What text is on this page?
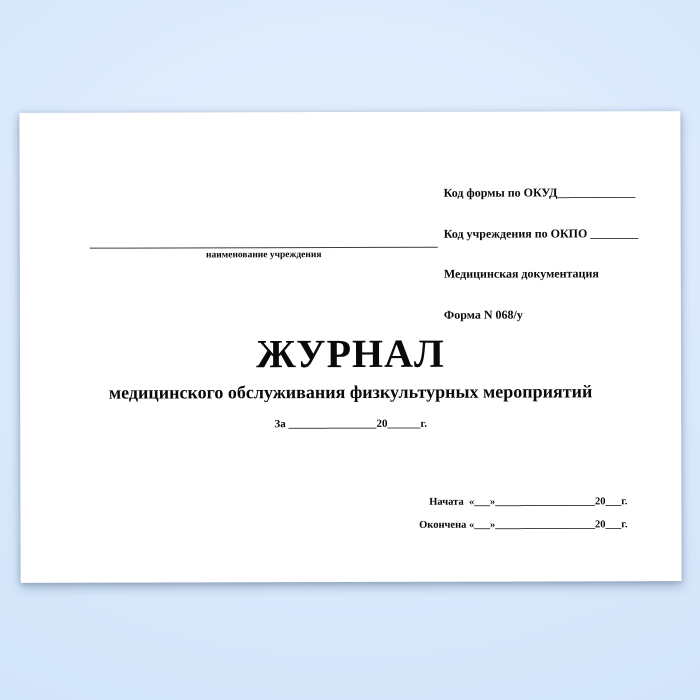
Код формы по ОКУД_____________

Код учреждения по ОКПО ________

Медицинская документация

Форма N 068/у

наименование учреждения
ЖУРНАЛ
медицинского обслуживания физкультурных мероприятий
За ________________20______г.
Начата  «___»___________________20___г.
Окончена «___»___________________20___г.
